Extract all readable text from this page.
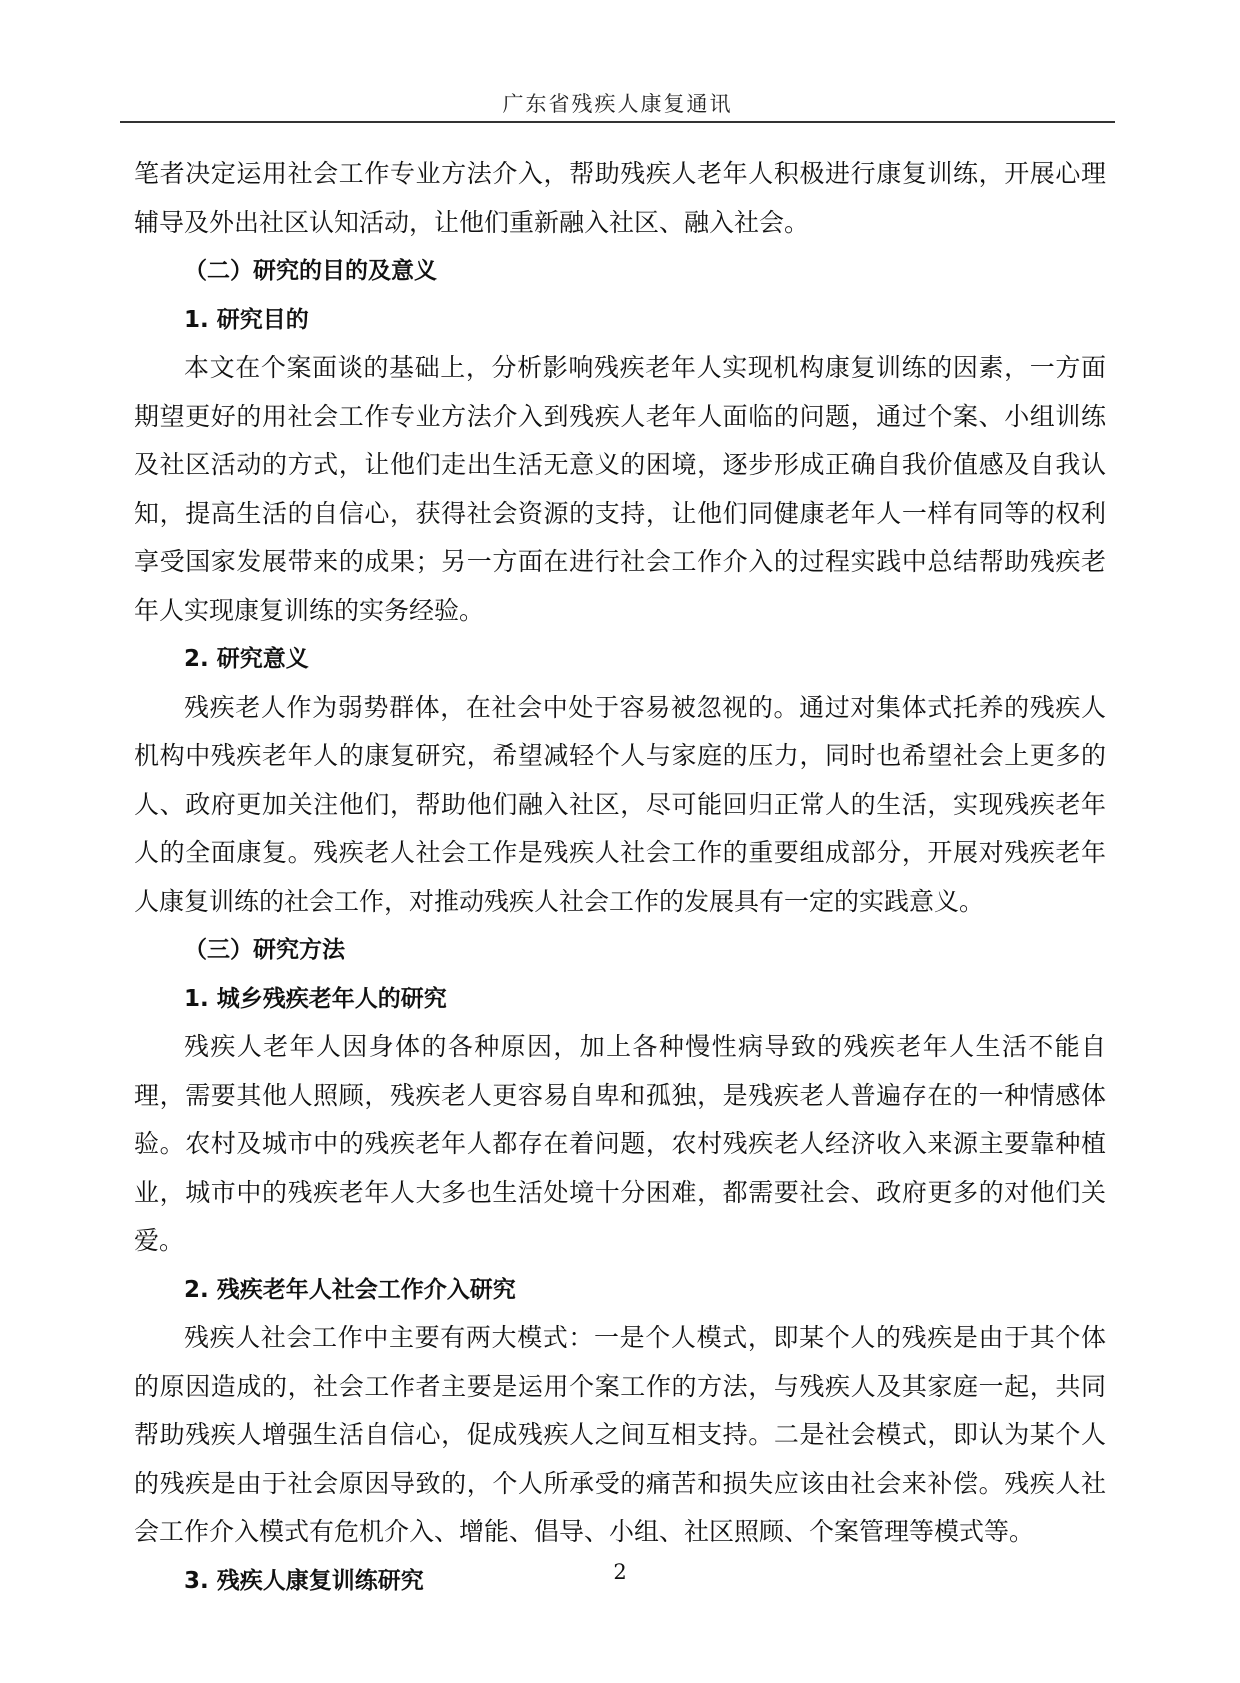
广东省残疾人康复通讯

笔者决定运用社会工作专业方法介入，帮助残疾人老年人积极进行康复训练，开展心理辅导及外出社区认知活动，让他们重新融入社区、融入社会。

（二）研究的目的及意义
1. 研究目的

本文在个案面谈的基础上，分析影响残疾老年人实现机构康复训练的因素，一方面期望更好的用社会工作专业方法介入到残疾人老年人面临的问题，通过个案、小组训练及社区活动的方式，让他们走出生活无意义的困境，逐步形成正确自我价值感及自我认知，提高生活的自信心，获得社会资源的支持，让他们同健康老年人一样有同等的权利享受国家发展带来的成果；另一方面在进行社会工作介入的过程实践中总结帮助残疾老年人实现康复训练的实务经验。

2. 研究意义

残疾老人作为弱势群体，在社会中处于容易被忽视的。通过对集体式托养的残疾人机构中残疾老年人的康复研究，希望减轻个人与家庭的压力，同时也希望社会上更多的人、政府更加关注他们，帮助他们融入社区，尽可能回归正常人的生活，实现残疾老年人的全面康复。残疾老人社会工作是残疾人社会工作的重要组成部分，开展对残疾老年人康复训练的社会工作，对推动残疾人社会工作的发展具有一定的实践意义。

（三）研究方法
1. 城乡残疾老年人的研究

残疾人老年人因身体的各种原因，加上各种慢性病导致的残疾老年人生活不能自理，需要其他人照顾，残疾老人更容易自卑和孤独，是残疾老人普遍存在的一种情感体验。农村及城市中的残疾老年人都存在着问题，农村残疾老人经济收入来源主要靠种植业，城市中的残疾老年人大多也生活处境十分困难，都需要社会、政府更多的对他们关爱。

2. 残疾老年人社会工作介入研究

残疾人社会工作中主要有两大模式：一是个人模式，即某个人的残疾是由于其个体的原因造成的，社会工作者主要是运用个案工作的方法，与残疾人及其家庭一起，共同帮助残疾人增强生活自信心，促成残疾人之间互相支持。二是社会模式，即认为某个人的残疾是由于社会原因导致的，个人所承受的痛苦和损失应该由社会来补偿。残疾人社会工作介入模式有危机介入、增能、倡导、小组、社区照顾、个案管理等模式等。

3. 残疾人康复训练研究	2
